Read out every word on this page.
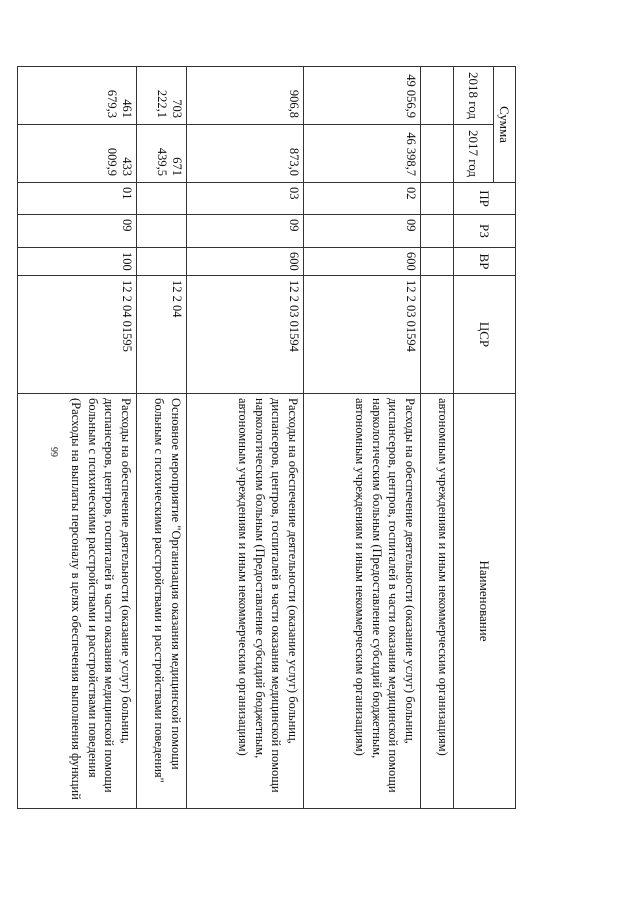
66
Сумма		ПР	РЗ	ВР	ЦСР	Наименование
2018 год	2017 год					
						автономным учреждениям и иным некоммерческим организациям)
49 056,9	46 398,7	02	09	600	12 2 03 01594	Расходы на обеспечение деятельности (оказание услуг) больниц, диспансеров, центров, госпиталей в части оказания медицинской помощи наркологическим больным (Предоставление субсидий бюджетным, автономным учреждениям и иным некоммерческим организациям)
906,8	873,0	03	09	600	12 2 03 01594	Расходы на обеспечение деятельности (оказание услуг) больниц, диспансеров, центров, госпиталей в части оказания медицинской помощи наркологическим больным (Предоставление субсидий бюджетным, автономным учреждениям и иным некоммерческим организациям)
703 222,1	671 439,5				12 2 04	Основное мероприятие "Организация оказания медицинской помощи больным с психическими расстройствами и расстройствами поведения"
461 679,3	433 009,9	01	09	100	12 2 04 01595	Расходы на обеспечение деятельности (оказание услуг) больниц, диспансеров, центров, госпиталей в части оказания медицинской помощи больным с психическими расстройствами и расстройствами поведения (Расходы на выплаты персоналу в целях обеспечения выполнения функций
